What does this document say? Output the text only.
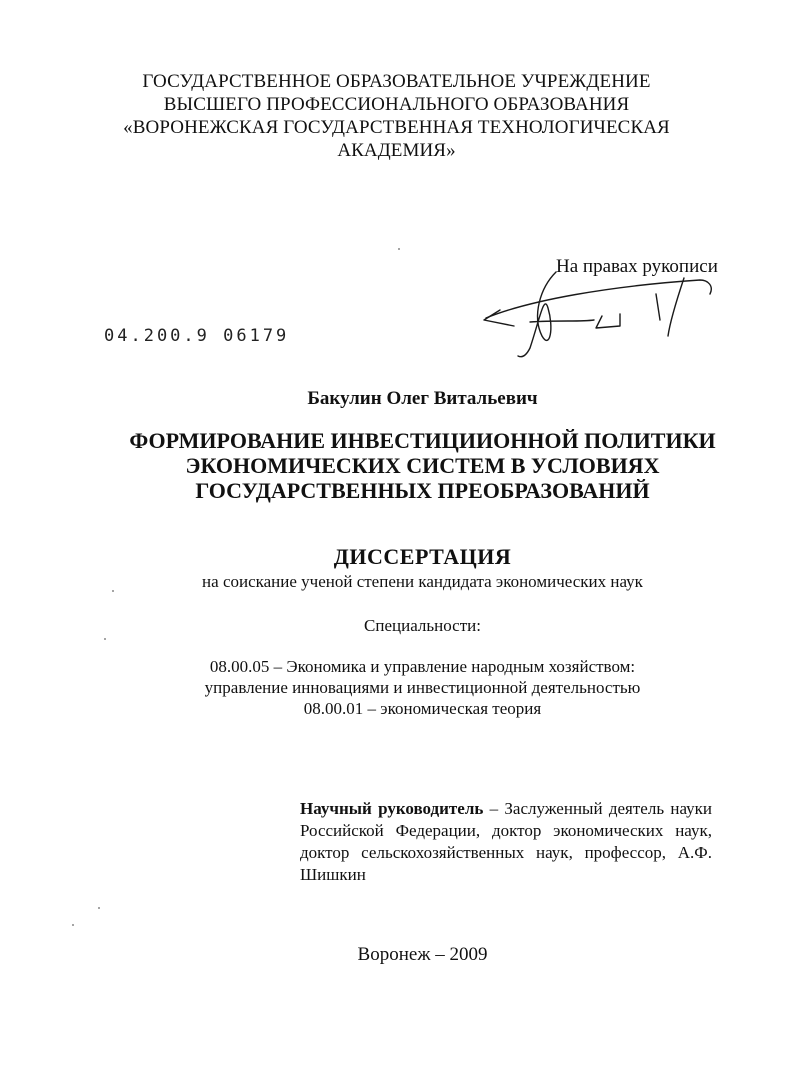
ГОСУДАРСТВЕННОЕ ОБРАЗОВАТЕЛЬНОЕ УЧРЕЖДЕНИЕ
ВЫСШЕГО ПРОФЕССИОНАЛЬНОГО ОБРАЗОВАНИЯ
«ВОРОНЕЖСКАЯ ГОСУДАРСТВЕННАЯ ТЕХНОЛОГИЧЕСКАЯ
АКАДЕМИЯ»
На правах рукописи
04.200.9 06179
Бакулин Олег Витальевич
ФОРМИРОВАНИЕ ИНВЕСТИЦИИОННОЙ ПОЛИТИКИ
ЭКОНОМИЧЕСКИХ СИСТЕМ В УСЛОВИЯХ
ГОСУДАРСТВЕННЫХ ПРЕОБРАЗОВАНИЙ
ДИССЕРТАЦИЯ
на соискание ученой степени кандидата экономических наук
Специальности:
08.00.05 – Экономика и управление народным хозяйством:
управление инновациями и инвестиционной деятельностью
08.00.01 – экономическая теория
Научный руководитель – Заслуженный деятель науки Российской Федерации, доктор экономических наук, доктор сельскохозяйственных наук, профессор, А.Ф. Шишкин
Воронеж – 2009
